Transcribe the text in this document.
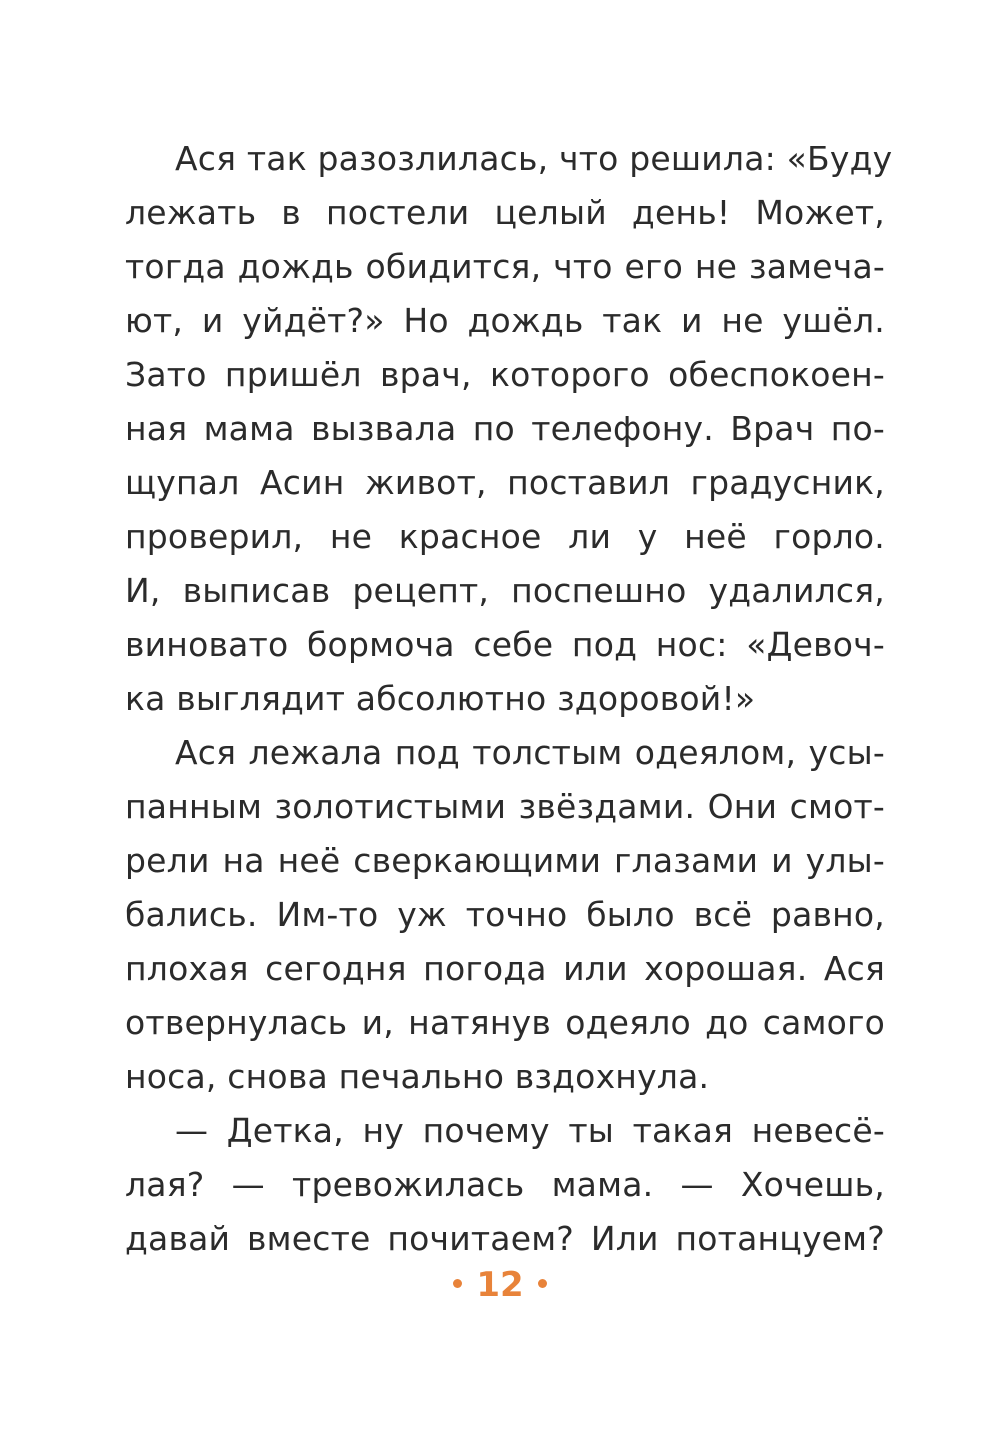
Ася так разозлилась, что решила: «Буду
лежать в постели целый день! Может,
тогда дождь обидится, что его не замеча-
ют, и уйдёт?» Но дождь так и не ушёл.
Зато пришёл врач, которого обеспокоен-
ная мама вызвала по телефону. Врач по-
щупал Асин живот, поставил градусник,
проверил, не красное ли у неё горло.
И, выписав рецепт, поспешно удалился,
виновато бормоча себе под нос: «Девоч-
ка выглядит абсолютно здоровой!»
Ася лежала под толстым одеялом, усы-
панным золотистыми звёздами. Они смот-
рели на неё сверкающими глазами и улы-
бались. Им-то уж точно было всё равно,
плохая сегодня погода или хорошая. Ася
отвернулась и, натянув одеяло до самого
носа, снова печально вздохнула.
— Детка, ну почему ты такая невесё-
лая? — тревожилась мама. — Хочешь,
давай вместе почитаем? Или потанцуем?
12
